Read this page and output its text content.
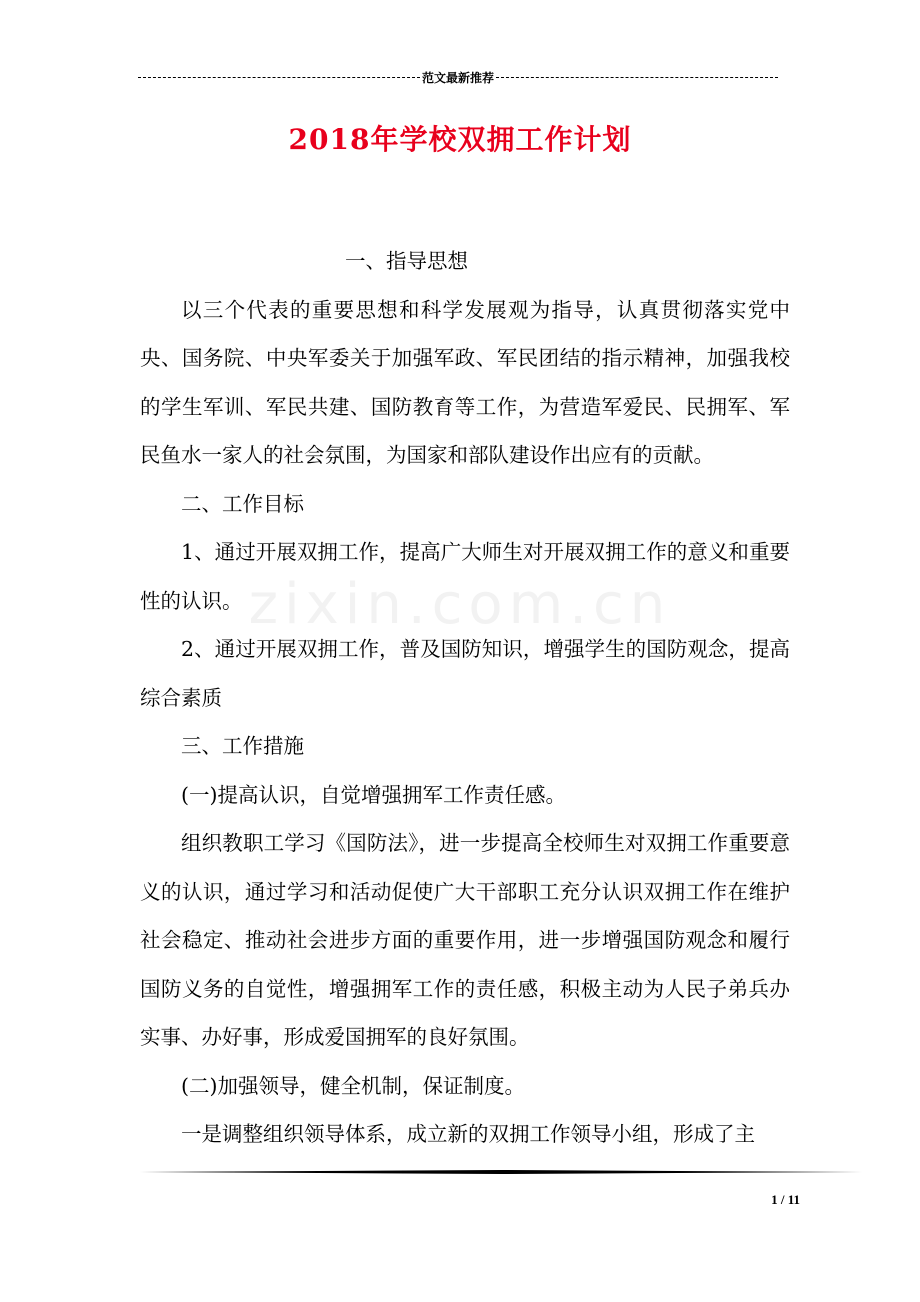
范文最新推荐
2018年学校双拥工作计划
zixin.com.cn

一、指导思想

以三个代表的重要思想和科学发展观为指导，认真贯彻落实党中央、国务院、中央军委关于加强军政、军民团结的指示精神，加强我校的学生军训、军民共建、国防教育等工作，为营造军爱民、民拥军、军民鱼水一家人的社会氛围，为国家和部队建设作出应有的贡献。

二、工作目标

1、通过开展双拥工作，提高广大师生对开展双拥工作的意义和重要性的认识。

2、通过开展双拥工作，普及国防知识，增强学生的国防观念，提高综合素质

三、工作措施

(一)提高认识，自觉增强拥军工作责任感。

组织教职工学习《国防法》，进一步提高全校师生对双拥工作重要意义的认识，通过学习和活动促使广大干部职工充分认识双拥工作在维护社会稳定、推动社会进步方面的重要作用，进一步增强国防观念和履行国防义务的自觉性，增强拥军工作的责任感，积极主动为人民子弟兵办实事、办好事，形成爱国拥军的良好氛围。

(二)加强领导，健全机制，保证制度。

一是调整组织领导体系，成立新的双拥工作领导小组，形成了主

1 / 11
